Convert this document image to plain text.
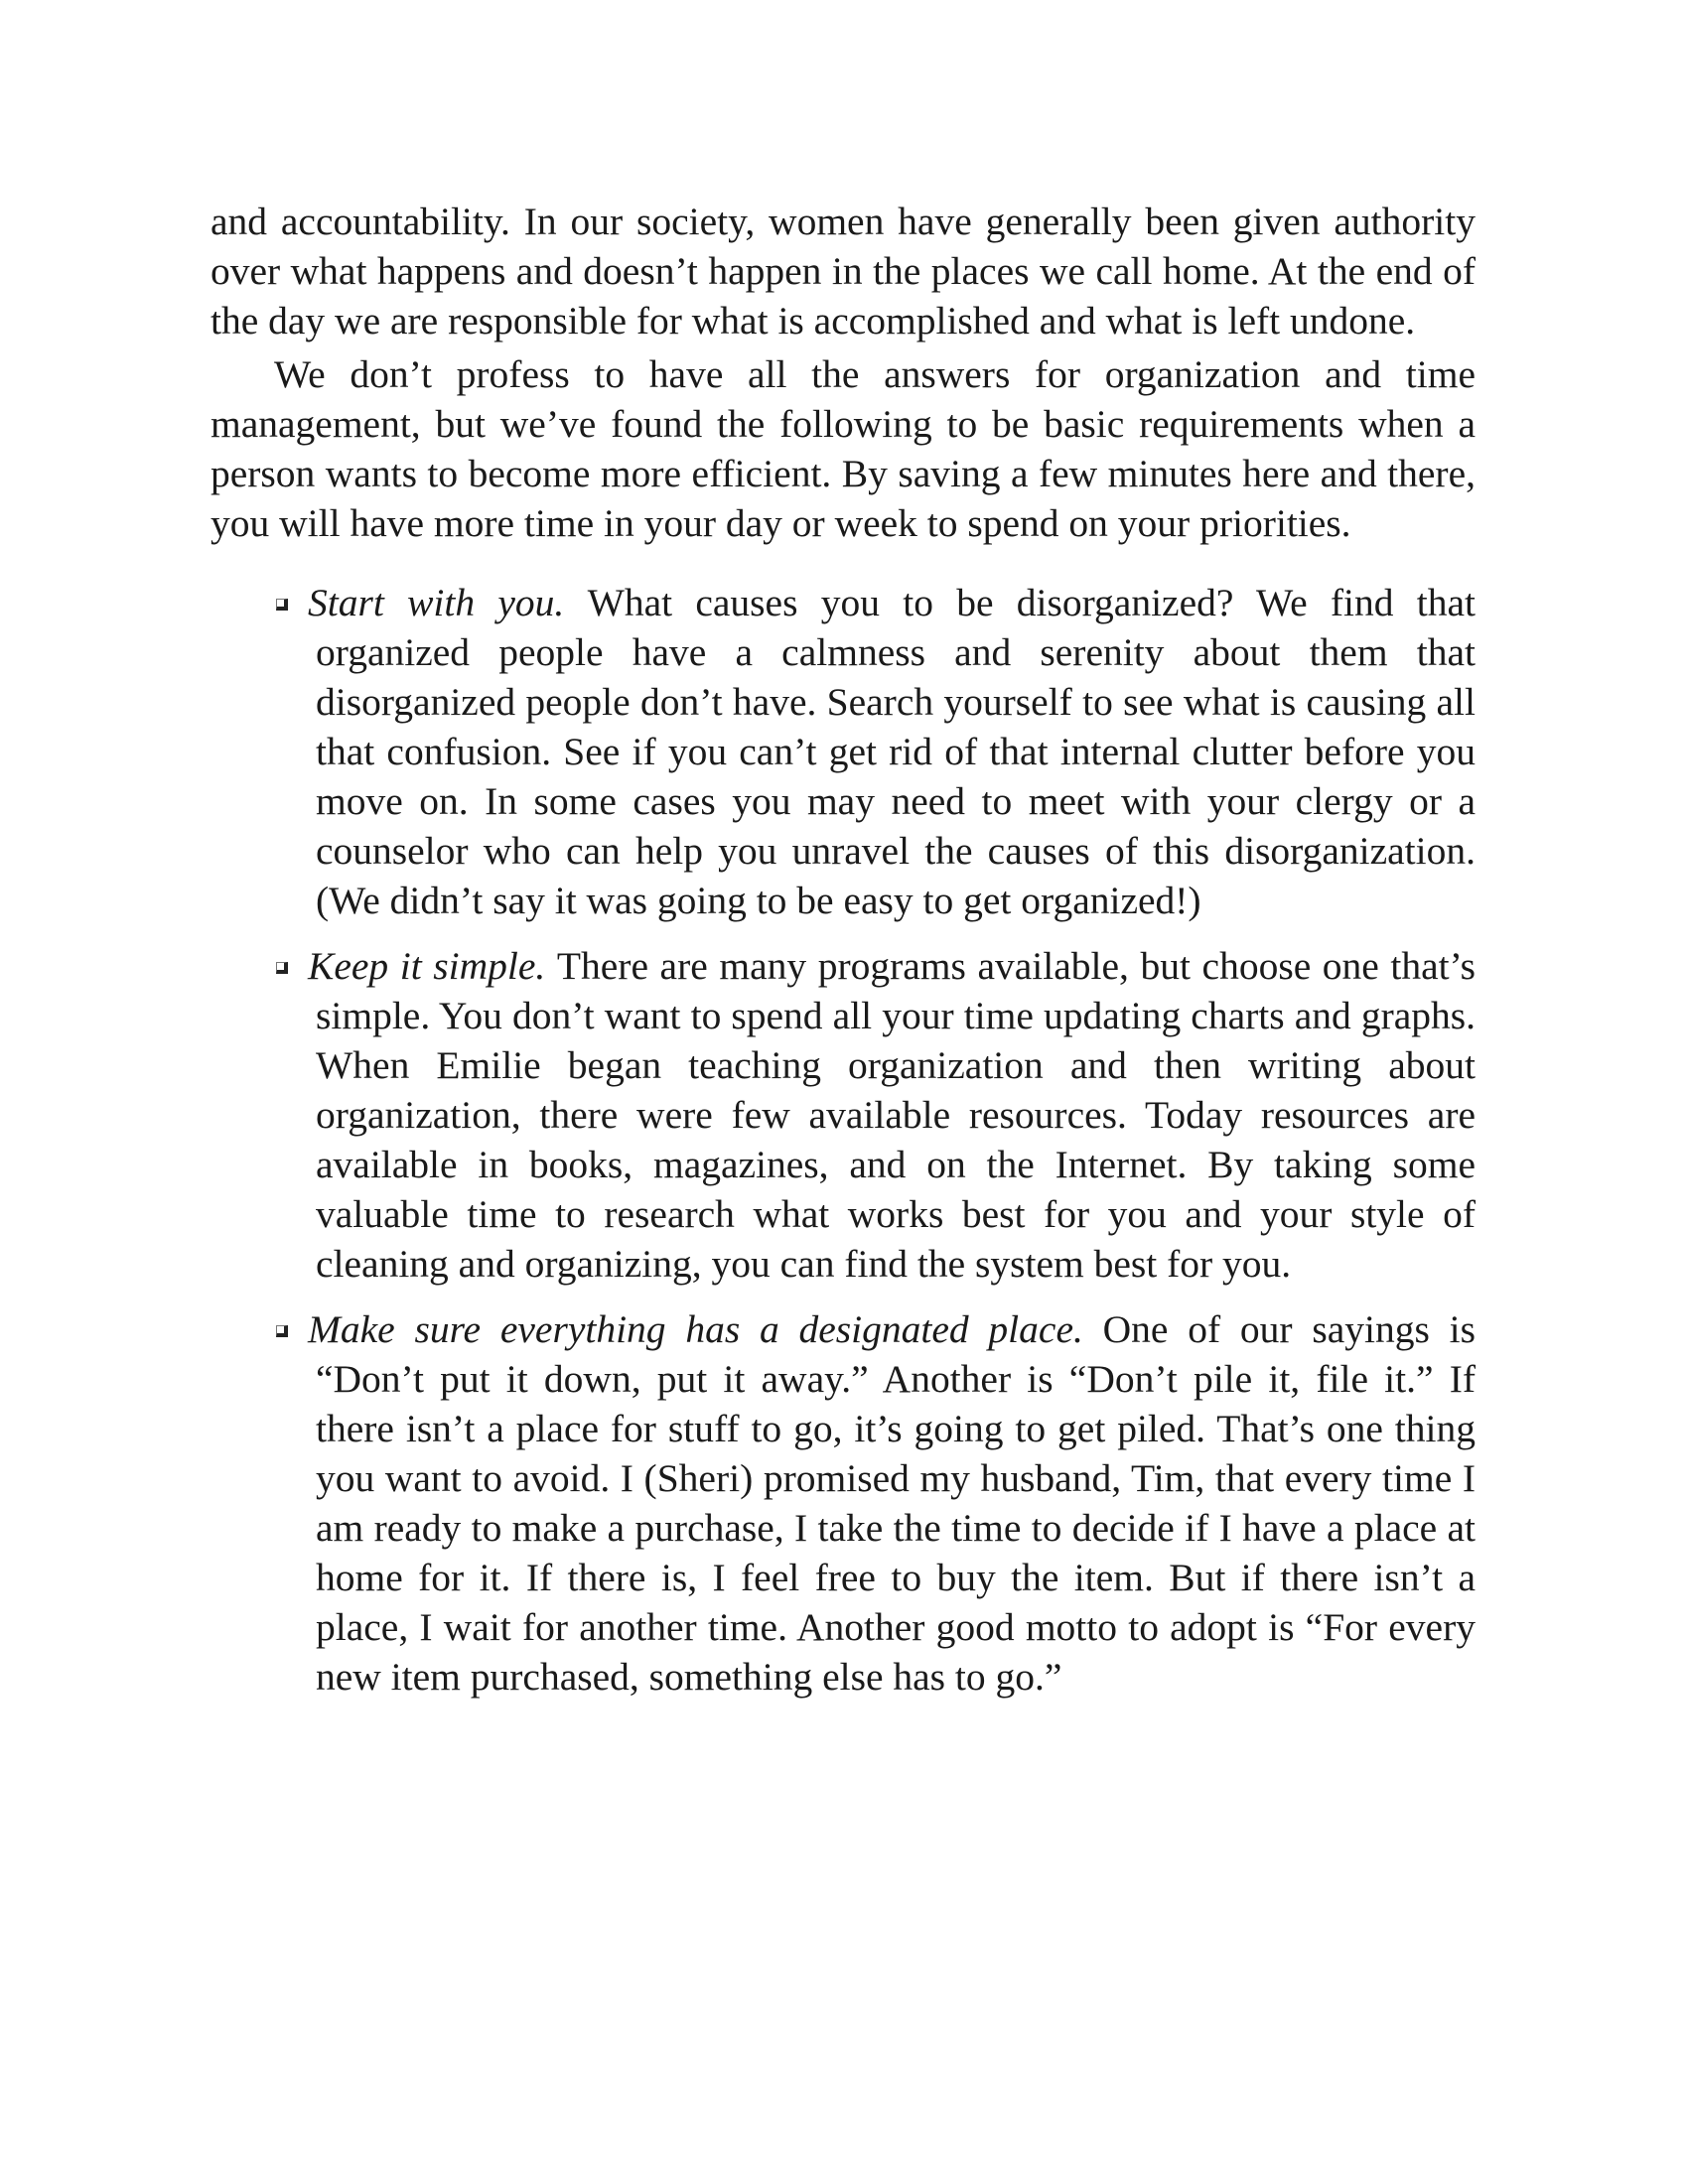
and accountability. In our society, women have generally been given authority over what happens and doesn’t happen in the places we call home. At the end of the day we are responsible for what is accomplished and what is left undone.

We don’t profess to have all the answers for organization and time management, but we’ve found the following to be basic requirements when a person wants to become more efficient. By saving a few minutes here and there, you will have more time in your day or week to spend on your priorities.

Start with you. What causes you to be disorganized? We find that organized people have a calmness and serenity about them that disorganized people don’t have. Search yourself to see what is causing all that confusion. See if you can’t get rid of that internal clutter before you move on. In some cases you may need to meet with your clergy or a counselor who can help you unravel the causes of this disorganization. (We didn’t say it was going to be easy to get organized!)
Keep it simple. There are many programs available, but choose one that’s simple. You don’t want to spend all your time updating charts and graphs. When Emilie began teaching organization and then writing about organization, there were few available resources. Today resources are available in books, magazines, and on the Internet. By taking some valuable time to research what works best for you and your style of cleaning and organizing, you can find the system best for you.
Make sure everything has a designated place. One of our sayings is “Don’t put it down, put it away.” Another is “Don’t pile it, file it.” If there isn’t a place for stuff to go, it’s going to get piled. That’s one thing you want to avoid. I (Sheri) promised my husband, Tim, that every time I am ready to make a purchase, I take the time to decide if I have a place at home for it. If there is, I feel free to buy the item. But if there isn’t a place, I wait for another time. Another good motto to adopt is “For every new item purchased, something else has to go.”
